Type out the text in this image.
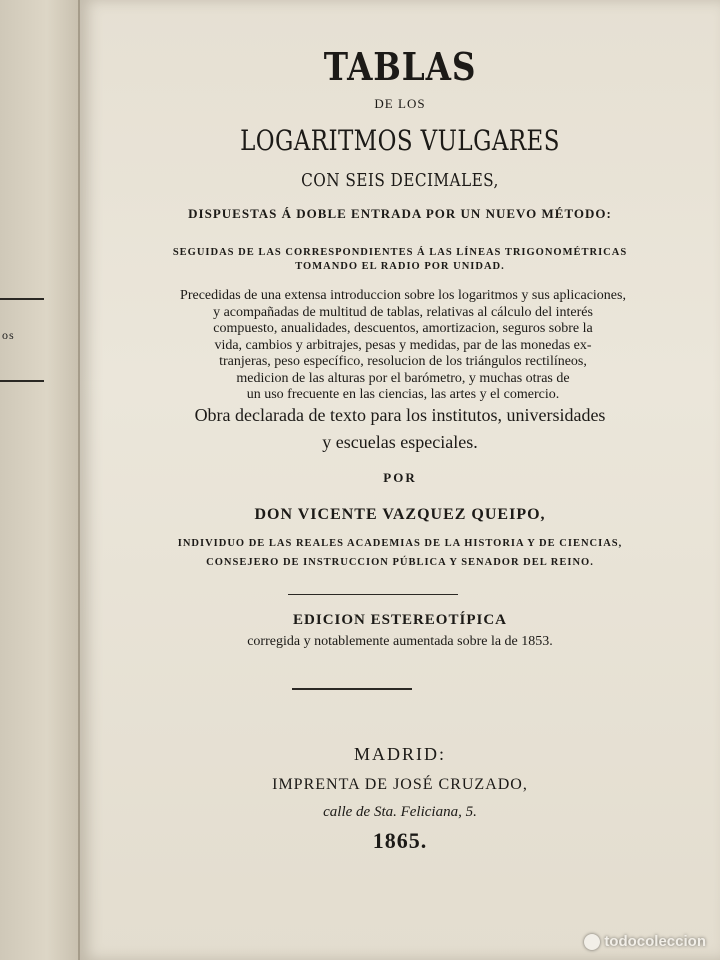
os
TABLAS
DE LOS
LOGARITMOS VULGARES
CON SEIS DECIMALES,
DISPUESTAS Á DOBLE ENTRADA POR UN NUEVO MÉTODO:
SEGUIDAS DE LAS CORRESPONDIENTES Á LAS LÍNEAS TRIGONOMÉTRICAS
TOMANDO EL RADIO POR UNIDAD.
Precedidas de una extensa introduccion sobre los logaritmos y sus aplicaciones,
y acompañadas de multitud de tablas, relativas al cálculo del interés
compuesto, anualidades, descuentos, amortizacion, seguros sobre la
vida, cambios y arbitrajes, pesas y medidas, par de las monedas ex-
tranjeras, peso específico, resolucion de los triángulos rectilíneos,
medicion de las alturas por el barómetro, y muchas otras de
un uso frecuente en las ciencias, las artes y el comercio.
Obra declarada de texto para los institutos, universidades
y escuelas especiales.
POR
DON VICENTE VAZQUEZ QUEIPO,
INDIVIDUO DE LAS REALES ACADEMIAS DE LA HISTORIA Y DE CIENCIAS,
CONSEJERO DE INSTRUCCION PÚBLICA Y SENADOR DEL REINO.
EDICION ESTEREOTÍPICA
corregida y notablemente aumentada sobre la de 1853.
MADRID:
IMPRENTA DE JOSÉ CRUZADO,
calle de Sta. Feliciana, 5.
1865.
todocoleccion
